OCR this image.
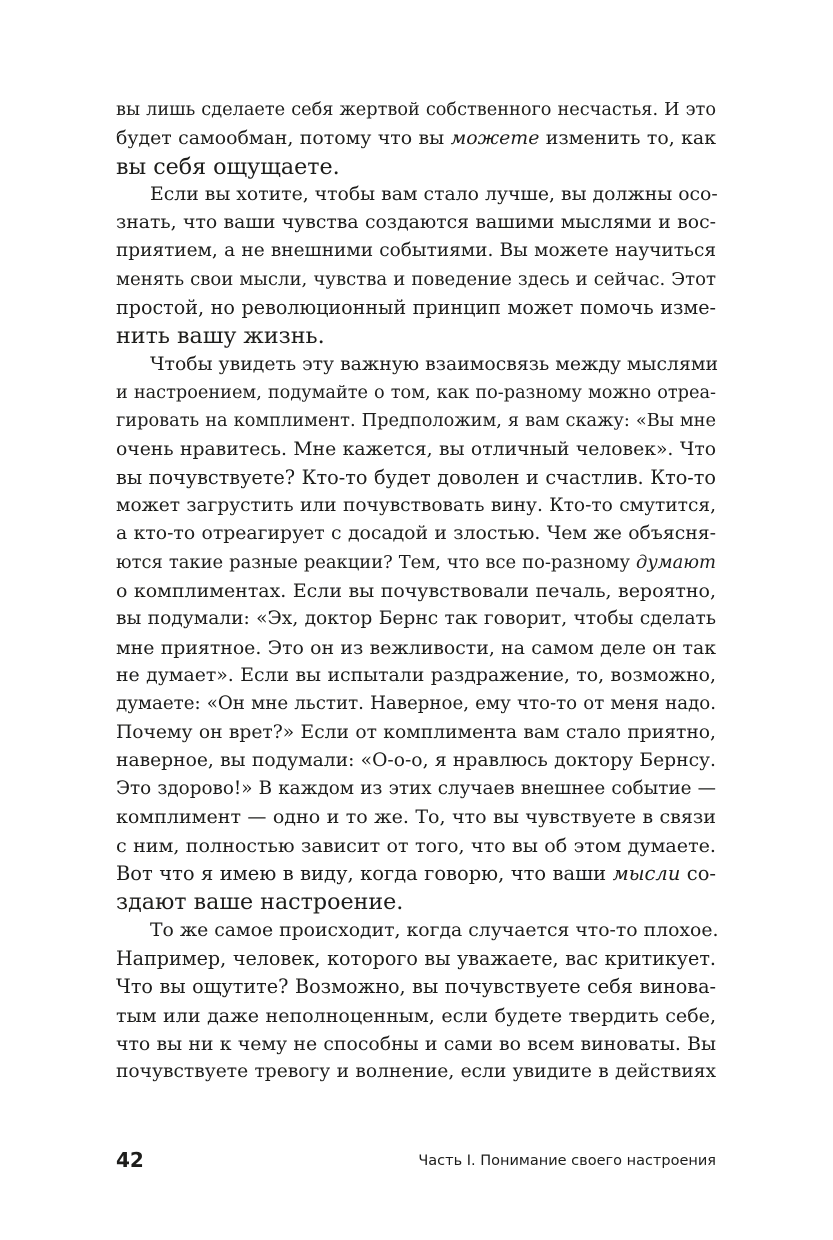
вы лишь сделаете себя жертвой собственного несчастья. И это
будет самообман, потому что вы можете изменить то, как
вы себя ощущаете.
Если вы хотите, чтобы вам стало лучше, вы должны осо-
знать, что ваши чувства создаются вашими мыслями и вос-
приятием, а не внешними событиями. Вы можете научиться
менять свои мысли, чувства и поведение здесь и сейчас. Этот
простой, но революционный принцип может помочь изме-
нить вашу жизнь.
Чтобы увидеть эту важную взаимосвязь между мыслями
и настроением, подумайте о том, как по-разному можно отреа-
гировать на комплимент. Предположим, я вам скажу: «Вы мне
очень нравитесь. Мне кажется, вы отличный человек». Что
вы почувствуете? Кто-то будет доволен и счастлив. Кто-то
может загрустить или почувствовать вину. Кто-то смутится,
а кто-то отреагирует с досадой и злостью. Чем же объясня-
ются такие разные реакции? Тем, что все по-разному думают
о комплиментах. Если вы почувствовали печаль, вероятно,
вы подумали: «Эх, доктор Бернс так говорит, чтобы сделать
мне приятное. Это он из вежливости, на самом деле он так
не думает». Если вы испытали раздражение, то, возможно,
думаете: «Он мне льстит. Наверное, ему что-то от меня надо.
Почему он врет?» Если от комплимента вам стало приятно,
наверное, вы подумали: «О-о-о, я нравлюсь доктору Бернсу.
Это здорово!» В каждом из этих случаев внешнее событие —
комплимент — одно и то же. То, что вы чувствуете в связи
с ним, полностью зависит от того, что вы об этом думаете.
Вот что я имею в виду, когда говорю, что ваши мысли со-
здают ваше настроение.
То же самое происходит, когда случается что-то плохое.
Например, человек, которого вы уважаете, вас критикует.
Что вы ощутите? Возможно, вы почувствуете себя винова-
тым или даже неполноценным, если будете твердить себе,
что вы ни к чему не способны и сами во всем виноваты. Вы
почувствуете тревогу и волнение, если увидите в действиях
42	Часть I. Понимание своего настроения
